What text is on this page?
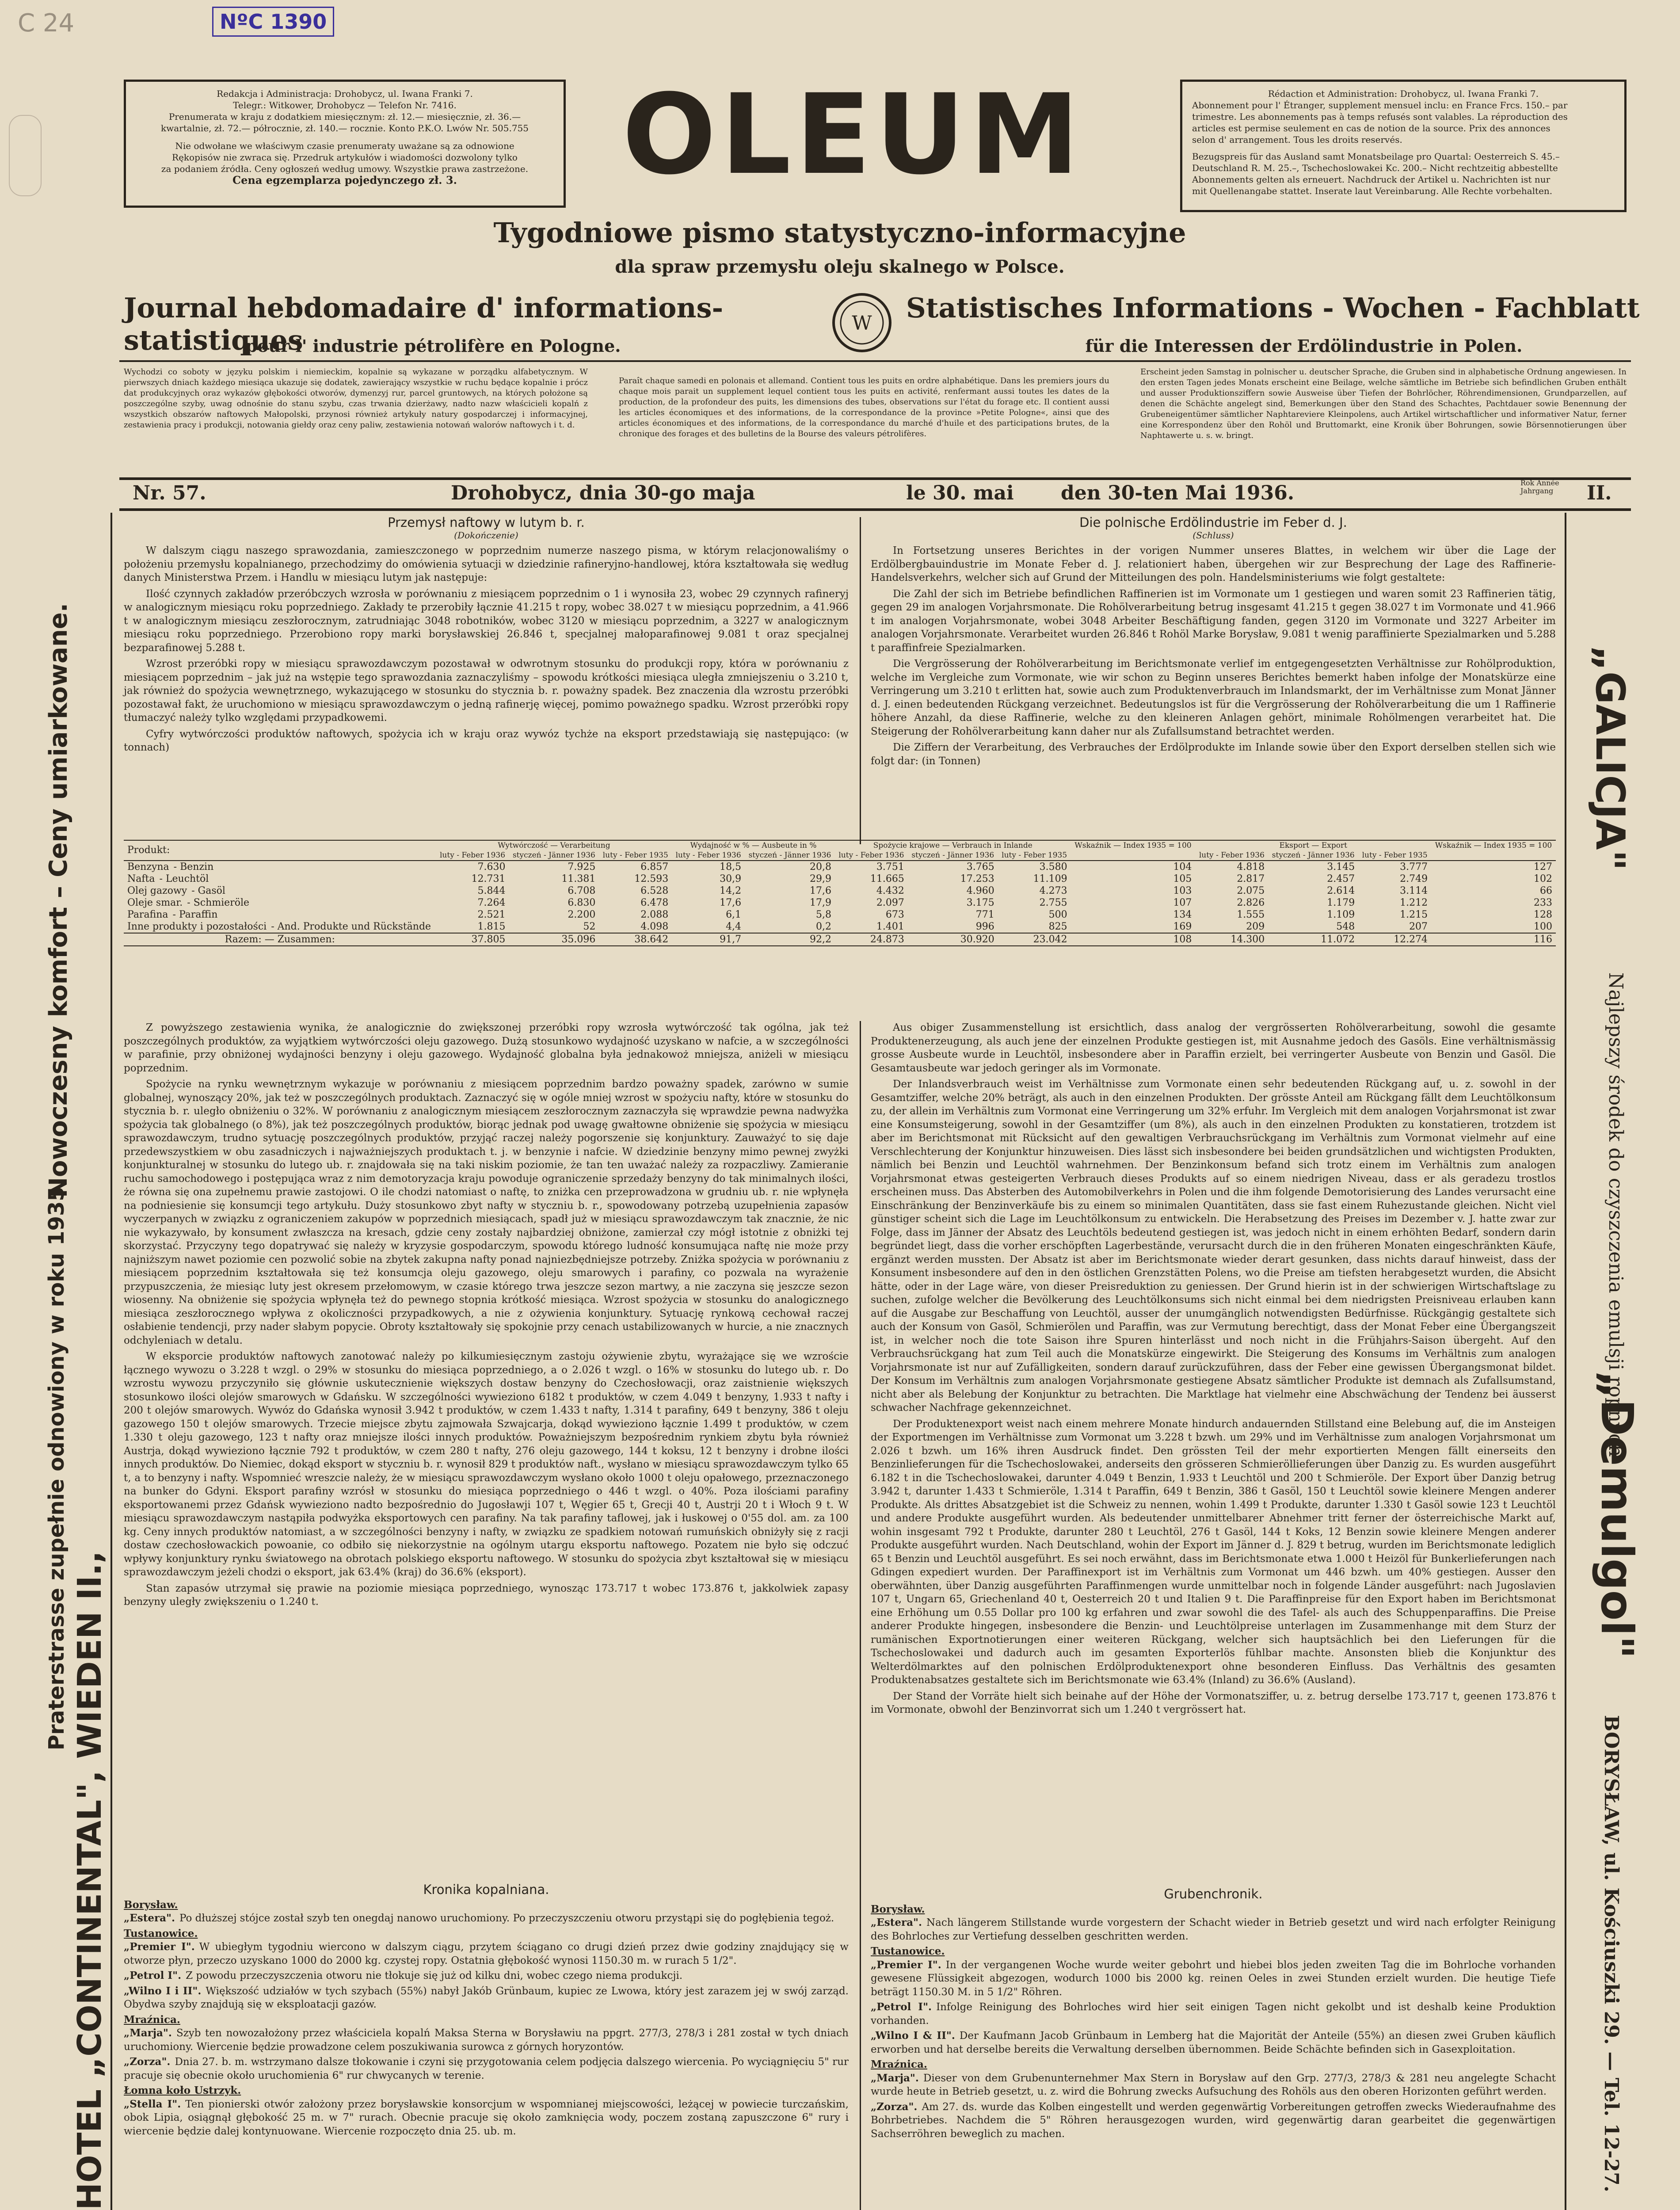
C 24	NºC 1390
Redakcja i Administracja: Drohobycz, ul. Iwana Franki 7.
Telegr.: Witkower, Drohobycz — Telefon Nr. 7416.
Prenumerata w kraju z dodatkiem miesięcznym: zł. 12.— miesięcznie, zł. 36.—
kwartalnie, zł. 72.— półrocznie, zł. 140.— rocznie. Konto P.K.O. Lwów Nr. 505.755
Nie odwołane we właściwym czasie prenumeraty uważane są za odnowione
Rękopisów nie zwraca się. Przedruk artykułów i wiadomości dozwolony tylko
za podaniem źródła. Ceny ogłoszeń według umowy. Wszystkie prawa zastrzeżone.
Cena egzemplarza pojedynczego zł. 3.	OLEUM	Rédaction et Administration: Drohobycz, ul. Iwana Franki 7.
Abonnement pour l' Étranger, supplement mensuel inclu: en France Frcs. 150.– par
trimestre. Les abonnements pas à temps refusés sont valables. La réproduction des
articles est permise seulement en cas de notion de la source. Prix des annonces
selon d' arrangement. Tous les droits reservés.
Bezugspreis für das Ausland samt Monatsbeilage pro Quartal: Oesterreich S. 45.–
Deutschland R. M. 25.–, Tschechoslowakei Kc. 200.– Nicht rechtzeitig abbestellte
Abonnements gelten als erneuert. Nachdruck der Artikel u. Nachrichten ist nur
mit Quellenangabe stattet. Inserate laut Vereinbarung. Alle Rechte vorbehalten.
Tygodniowe pismo statystyczno-informacyjne
dla spraw przemysłu oleju skalnego w Polsce.
Journal hebdomadaire d' informations-statistiques
pour l' industrie pétrolifère en Pologne.
W Statistisches Informations - Wochen - Fachblatt
für die Interessen der Erdölindustrie in Polen.
Wychodzi co soboty w języku polskim i niemieckim, kopalnie są wykazane w porządku alfabetycznym. W pierwszych dniach każdego miesiąca ukazuje się dodatek, zawierający wszystkie w ruchu będące kopalnie i prócz dat produkcyjnych oraz wykazów głębokości otworów, dymenzyj rur, parcel gruntowych, na których położone są poszczególne szyby, uwag odnośnie do stanu szybu, czas trwania dzierżawy, nadto nazw właścicieli kopalń z wszystkich obszarów naftowych Małopolski, przynosi również artykuły natury gospodarczej i informacyjnej, zestawienia pracy i produkcji, notowania giełdy oraz ceny paliw, zestawienia notowań walorów naftowych i t. d.
Paraît chaque samedi en polonais et allemand. Contient tous les puits en ordre alphabétique. Dans les premiers jours du chaque mois parait un supplement lequel contient tous les puits en activité, renfermant aussi toutes les dates de la production, de la profondeur des puits, les dimensions des tubes, observations sur l'état du forage etc. Il contient aussi les articles économiques et des informations, de la correspondance de la province »Petite Pologne«, ainsi que des articles économiques et des informations, de la correspondance du marché d'huile et des participations brutes, de la chronique des forages et des bulletins de la Bourse des valeurs pétrolifères.
Erscheint jeden Samstag in polnischer u. deutscher Sprache, die Gruben sind in alphabetische Ordnung angewiesen. In den ersten Tagen jedes Monats erscheint eine Beilage, welche sämtliche im Betriebe sich befindlichen Gruben enthält und ausser Produktionsziffern sowie Ausweise über Tiefen der Bohrlöcher, Röhrendimensionen, Grundparzellen, auf denen die Schächte angelegt sind, Bemerkungen über den Stand des Schachtes, Pachtdauer sowie Benennung der Grubeneigentümer sämtlicher Naphtareviere Kleinpolens, auch Artikel wirtschaftlicher und informativer Natur, ferner eine Korrespondenz über den Rohöl und Bruttomarkt, eine Kronik über Bohrungen, sowie Börsennotierungen über Naphtawerte u. s. w. bringt.
Nr. 57.	Drohobycz, dnia 30-go maja	le 30. mai den 30-ten Mai 1936.	Rok Année Jahrgang	II.
Nowoczesny komfort – Ceny umiarkowane.
Praterstrasse zupełnie odnowiony w roku 1935
HOTEL „CONTINENTAL", WIEDEN II.,
„GALICJA"
Najlepszy środek do czyszczenia emulsji ropnych
„Demulgol"
BORYSŁAW, ul. Kościuszki 29. — Tel. 12-27.
Przemysł naftowy w lutym b. r.
(Dokończenie)

W dalszym ciągu naszego sprawozdania, zamieszczonego w poprzednim numerze naszego pisma, w którym relacjonowaliśmy o położeniu przemysłu kopalnianego, przechodzimy do omówienia sytuacji w dziedzinie rafineryjno-handlowej, która kształtowała się według danych Ministerstwa Przem. i Handlu w miesiącu lutym jak następuje:

Ilość czynnych zakładów przeróbczych wzrosła w porównaniu z miesiącem poprzednim o 1 i wynosiła 23, wobec 29 czynnych rafineryj w analogicznym miesiącu roku poprzedniego. Zakłady te przerobiły łącznie 41.215 t ropy, wobec 38.027 t w miesiącu poprzednim, a 41.966 t w analogicznym miesiącu zeszłorocznym, zatrudniając 3048 robotników, wobec 3120 w miesiącu poprzednim, a 3227 w analogicznym miesiącu roku poprzedniego. Przerobiono ropy marki borysławskiej 26.846 t, specjalnej małoparafinowej 9.081 t oraz specjalnej bezparafinowej 5.288 t.

Wzrost przeróbki ropy w miesiącu sprawozdawczym pozostawał w odwrotnym stosunku do produkcji ropy, która w porównaniu z miesiącem poprzednim – jak już na wstępie tego sprawozdania zaznaczyliśmy – spowodu krótkości miesiąca uległa zmniejszeniu o 3.210 t, jak również do spożycia wewnętrznego, wykazującego w stosunku do stycznia b. r. poważny spadek. Bez znaczenia dla wzrostu przeróbki pozostawał fakt, że uruchomiono w miesiącu sprawozdawczym o jedną rafinerję więcej, pomimo poważnego spadku. Wzrost przeróbki ropy tłumaczyć należy tylko względami przypadkowemi.

Cyfry wytwórczości produktów naftowych, spożycia ich w kraju oraz wywóz tychże na eksport przedstawiają się następująco: (w tonnach)

Die polnische Erdölindustrie im Feber d. J.
(Schluss)

In Fortsetzung unseres Berichtes in der vorigen Nummer unseres Blattes, in welchem wir über die Lage der Erdölbergbauindustrie im Monate Feber d. J. relationiert haben, übergehen wir zur Besprechung der Lage des Raffinerie-Handelsverkehrs, welcher sich auf Grund der Mitteilungen des poln. Handelsministeriums wie folgt gestaltete:

Die Zahl der sich im Betriebe befindlichen Raffinerien ist im Vormonate um 1 gestiegen und waren somit 23 Raffinerien tätig, gegen 29 im analogen Vorjahrsmonate. Die Rohölverarbeitung betrug insgesamt 41.215 t gegen 38.027 t im Vormonate und 41.966 t im analogen Vorjahrsmonate, wobei 3048 Arbeiter Beschäftigung fanden, gegen 3120 im Vormonate und 3227 Arbeiter im analogen Vorjahrsmonate. Verarbeitet wurden 26.846 t Rohöl Marke Borysław, 9.081 t wenig paraffinierte Spezialmarken und 5.288 t paraffinfreie Spezialmarken.

Die Vergrösserung der Rohölverarbeitung im Berichtsmonate verlief im entgegengesetzten Verhältnisse zur Rohölproduktion, welche im Vergleiche zum Vormonate, wie wir schon zu Beginn unseres Berichtes bemerkt haben infolge der Monatskürze eine Verringerung um 3.210 t erlitten hat, sowie auch zum Produktenverbrauch im Inlandsmarkt, der im Verhältnisse zum Monat Jänner d. J. einen bedeutenden Rückgang verzeichnet. Bedeutungslos ist für die Vergrösserung der Rohölverarbeitung die um 1 Raffinerie höhere Anzahl, da diese Raffinerie, welche zu den kleineren Anlagen gehört, minimale Rohölmengen verarbeitet hat. Die Steigerung der Rohölverarbeitung kann daher nur als Zufallsumstand betrachtet werden.

Die Ziffern der Verarbeitung, des Verbrauches der Erdölprodukte im Inlande sowie über den Export derselben stellen sich wie folgt dar: (in Tonnen)

Produkt:	Wytwórczość — Verarbeitung			Wydajność w % — Ausbeute in %		Spożycie krajowe — Verbrauch in Inlande			Wskaźnik — Index 1935 = 100	Eksport — Export			Wskaźnik — Index 1935 = 100
	luty - Feber 1936	styczeń - Jänner 1936	luty - Feber 1935	luty - Feber 1936	styczeń - Jänner 1936	luty - Feber 1936	styczeń - Jänner 1936	luty - Feber 1935		luty - Feber 1936	styczeń - Jänner 1936	luty - Feber 1935	
Benzyna - Benzin	7.630	7.925	6.857	18,5	20,8	3.751	3.765	3.580	104	4.818	3.145	3.777	127
Nafta - Leuchtöl	12.731	11.381	12.593	30,9	29,9	11.665	17.253	11.109	105	2.817	2.457	2.749	102
Olej gazowy - Gasöl	5.844	6.708	6.528	14,2	17,6	4.432	4.960	4.273	103	2.075	2.614	3.114	66
Oleje smar. - Schmieröle	7.264	6.830	6.478	17,6	17,9	2.097	3.175	2.755	107	2.826	1.179	1.212	233
Parafina - Paraffin	2.521	2.200	2.088	6,1	5,8	673	771	500	134	1.555	1.109	1.215	128
Inne produkty i pozostałości - And. Produkte und Rückstände	1.815	52	4.098	4,4	0,2	1.401	996	825	169	209	548	207	100
Razem: — Zusammen:	37.805	35.096	38.642	91,7	92,2	24.873	30.920	23.042	108	14.300	11.072	12.274	116

Z powyższego zestawienia wynika, że analogicznie do zwiększonej przeróbki ropy wzrosła wytwórczość tak ogólna, jak też poszczególnych produktów, za wyjątkiem wytwórczości oleju gazowego. Dużą stosunkowo wydajność uzyskano w nafcie, a w szczególności w parafinie, przy obniżonej wydajności benzyny i oleju gazowego. Wydajność globalna była jednakowoż mniejsza, aniżeli w miesiącu poprzednim.

Spożycie na rynku wewnętrznym wykazuje w porównaniu z miesiącem poprzednim bardzo poważny spadek, zarówno w sumie globalnej, wynoszący 20%, jak też w poszczególnych produktach. Zaznaczyć się w ogóle mniej wzrost w spożyciu nafty, które w stosunku do stycznia b. r. uległo obniżeniu o 32%. W porównaniu z analogicznym miesiącem zeszłorocznym zaznaczyła się wprawdzie pewna nadwyżka spożycia tak globalnego (o 8%), jak też poszczególnych produktów, biorąc jednak pod uwagę gwałtowne obniżenie się spożycia w miesiącu sprawozdawczym, trudno sytuację poszczególnych produktów, przyjąć raczej należy pogorszenie się konjunktury. Zauważyć to się daje przedewszystkiem w obu zasadniczych i najważniejszych produktach t. j. w benzynie i nafcie. W dziedzinie benzyny mimo pewnej zwyżki konjunkturalnej w stosunku do lutego ub. r. znajdowała się na taki niskim poziomie, że tan ten uważać należy za rozpaczliwy. Zamieranie ruchu samochodowego i postępująca wraz z nim demotoryzacja kraju powoduje ograniczenie sprzedaży benzyny do tak minimalnych ilości, że równa się ona zupełnemu prawie zastojowi. O ile chodzi natomiast o naftę, to zniżka cen przeprowadzona w grudniu ub. r. nie wpłynęła na podniesienie się konsumcji tego artykułu. Duży stosunkowo zbyt nafty w styczniu b. r., spowodowany potrzebą uzupełnienia zapasów wyczerpanych w związku z ograniczeniem zakupów w poprzednich miesiącach, spadł już w miesiącu sprawozdawczym tak znacznie, że nic nie wykazywało, by konsument zwłaszcza na kresach, gdzie ceny zostały najbardziej obniżone, zamierzał czy mógł istotnie z obniżki tej skorzystać. Przyczyny tego dopatrywać się należy w kryzysie gospodarczym, spowodu którego ludność konsumująca naftę nie może przy najniższym nawet poziomie cen pozwolić sobie na zbytek zakupna nafty ponad najniezbędniejsze potrzeby. Zniżka spożycia w porównaniu z miesiącem poprzednim kształtowała się też konsumcja oleju gazowego, oleju smarowych i parafiny, co pozwala na wyrażenie przypuszczenia, że miesiąc luty jest okresem przełomowym, w czasie którego trwa jeszcze sezon martwy, a nie zaczyna się jeszcze sezon wiosenny. Na obniżenie się spożycia wpłynęła też do pewnego stopnia krótkość miesiąca. Wzrost spożycia w stosunku do analogicznego miesiąca zeszłorocznego wpływa z okoliczności przypadkowych, a nie z ożywienia konjunktury. Sytuację rynkową cechował raczej osłabienie tendencji, przy nader słabym popycie. Obroty kształtowały się spokojnie przy cenach ustabilizowanych w hurcie, a nie znacznych odchyleniach w detalu.

W eksporcie produktów naftowych zanotować należy po kilkumiesięcznym zastoju ożywienie zbytu, wyrażające się we wzroście łącznego wywozu o 3.228 t wzgl. o 29% w stosunku do miesiąca poprzedniego, a o 2.026 t wzgl. o 16% w stosunku do lutego ub. r. Do wzrostu wywozu przyczyniło się głównie uskutecznienie większych dostaw benzyny do Czechosłowacji, oraz zaistnienie większych stosunkowo ilości olejów smarowych w Gdańsku. W szczególności wywieziono 6182 t produktów, w czem 4.049 t benzyny, 1.933 t nafty i 200 t olejów smarowych. Wywóz do Gdańska wynosił 3.942 t produktów, w czem 1.433 t nafty, 1.314 t parafiny, 649 t benzyny, 386 t oleju gazowego 150 t olejów smarowych. Trzecie miejsce zbytu zajmowała Szwajcarja, dokąd wywieziono łącznie 1.499 t produktów, w czem 1.330 t oleju gazowego, 123 t nafty oraz mniejsze ilości innych produktów. Poważniejszym bezpośrednim rynkiem zbytu była również Austrja, dokąd wywieziono łącznie 792 t produktów, w czem 280 t nafty, 276 oleju gazowego, 144 t koksu, 12 t benzyny i drobne ilości innych produktów. Do Niemiec, dokąd eksport w styczniu b. r. wynosił 829 t produktów naft., wysłano w miesiącu sprawozdawczym tylko 65 t, a to benzyny i nafty. Wspomnieć wreszcie należy, że w miesiącu sprawozdawczym wysłano około 1000 t oleju opałowego, przeznaczonego na bunker do Gdyni. Eksport parafiny wzrósł w stosunku do miesiąca poprzedniego o 446 t wzgl. o 40%. Poza ilościami parafiny eksportowanemi przez Gdańsk wywieziono nadto bezpośrednio do Jugosławji 107 t, Węgier 65 t, Grecji 40 t, Austrji 20 t i Włoch 9 t. W miesiącu sprawozdawczym nastąpiła podwyżka eksportowych cen parafiny. Na tak parafiny taflowej, jak i łuskowej o 0'55 dol. am. za 100 kg. Ceny innych produktów natomiast, a w szczególności benzyny i nafty, w związku ze spadkiem notowań rumuńskich obniżyły się z racji dostaw czechosłowackich powoanie, co odbiło się niekorzystnie na ogólnym utargu eksportu naftowego. Pozatem nie było się odczuć wpływy konjunktury rynku światowego na obrotach polskiego eksportu naftowego. W stosunku do spożycia zbyt kształtował się w miesiącu sprawozdawczym jeżeli chodzi o eksport, jak 63.4% (kraj) do 36.6% (eksport).

Stan zapasów utrzymał się prawie na poziomie miesiąca poprzedniego, wynosząc 173.717 t wobec 173.876 t, jakkolwiek zapasy benzyny uległy zwiększeniu o 1.240 t.

Aus obiger Zusammenstellung ist ersichtlich, dass analog der vergrösserten Rohölverarbeitung, sowohl die gesamte Produktenerzeugung, als auch jene der einzelnen Produkte gestiegen ist, mit Ausnahme jedoch des Gasöls. Eine verhältnismässig grosse Ausbeute wurde in Leuchtöl, insbesondere aber in Paraffin erzielt, bei verringerter Ausbeute von Benzin und Gasöl. Die Gesamtausbeute war jedoch geringer als im Vormonate.

Der Inlandsverbrauch weist im Verhältnisse zum Vormonate einen sehr bedeutenden Rückgang auf, u. z. sowohl in der Gesamtziffer, welche 20% beträgt, als auch in den einzelnen Produkten. Der grösste Anteil am Rückgang fällt dem Leuchtölkonsum zu, der allein im Verhältnis zum Vormonat eine Verringerung um 32% erfuhr. Im Vergleich mit dem analogen Vorjahrsmonat ist zwar eine Konsumsteigerung, sowohl in der Gesamtziffer (um 8%), als auch in den einzelnen Produkten zu konstatieren, trotzdem ist aber im Berichtsmonat mit Rücksicht auf den gewaltigen Verbrauchsrückgang im Verhältnis zum Vormonat vielmehr auf eine Verschlechterung der Konjunktur hinzuweisen. Dies lässt sich insbesondere bei beiden grundsätzlichen und wichtigsten Produkten, nämlich bei Benzin und Leuchtöl wahrnehmen. Der Benzinkonsum befand sich trotz einem im Verhältnis zum analogen Vorjahrsmonat etwas gesteigerten Verbrauch dieses Produkts auf so einem niedrigen Niveau, dass er als geradezu trostlos erscheinen muss. Das Absterben des Automobilverkehrs in Polen und die ihm folgende Demotorisierung des Landes verursacht eine Einschränkung der Benzinverkäufe bis zu einem so minimalen Quantitäten, dass sie fast einem Ruhezustande gleichen. Nicht viel günstiger scheint sich die Lage im Leuchtölkonsum zu entwickeln. Die Herabsetzung des Preises im Dezember v. J. hatte zwar zur Folge, dass im Jänner der Absatz des Leuchtöls bedeutend gestiegen ist, was jedoch nicht in einem erhöhten Bedarf, sondern darin begründet liegt, dass die vorher erschöpften Lagerbestände, verursacht durch die in den früheren Monaten eingeschränkten Käufe, ergänzt werden mussten. Der Absatz ist aber im Berichtsmonate wieder derart gesunken, dass nichts darauf hinweist, dass der Konsument insbesondere auf den in den östlichen Grenzstätten Polens, wo die Preise am tiefsten herabgesetzt wurden, die Absicht hätte, oder in der Lage wäre, von dieser Preisreduktion zu geniessen. Der Grund hierin ist in der schwierigen Wirtschaftslage zu suchen, zufolge welcher die Bevölkerung des Leuchtölkonsums sich nicht einmal bei dem niedrigsten Preisniveau erlauben kann auf die Ausgabe zur Beschaffung von Leuchtöl, ausser der unumgänglich notwendigsten Bedürfnisse. Rückgängig gestaltete sich auch der Konsum von Gasöl, Schmierölen und Paraffin, was zur Vermutung berechtigt, dass der Monat Feber eine Übergangszeit ist, in welcher noch die tote Saison ihre Spuren hinterlässt und noch nicht in die Frühjahrs-Saison übergeht. Auf den Verbrauchsrückgang hat zum Teil auch die Monatskürze eingewirkt. Die Steigerung des Konsums im Verhältnis zum analogen Vorjahrsmonate ist nur auf Zufälligkeiten, sondern darauf zurückzuführen, dass der Feber eine gewissen Übergangsmonat bildet. Der Konsum im Verhältnis zum analogen Vorjahrsmonate gestiegene Absatz sämtlicher Produkte ist demnach als Zufallsumstand, nicht aber als Belebung der Konjunktur zu betrachten. Die Marktlage hat vielmehr eine Abschwächung der Tendenz bei äusserst schwacher Nachfrage gekennzeichnet.

Der Produktenexport weist nach einem mehrere Monate hindurch andauernden Stillstand eine Belebung auf, die im Ansteigen der Exportmengen im Verhältnisse zum Vormonat um 3.228 t bzwh. um 29% und im Verhältnisse zum analogen Vorjahrsmonat um 2.026 t bzwh. um 16% ihren Ausdruck findet. Den grössten Teil der mehr exportierten Mengen fällt einerseits den Benzinlieferungen für die Tschechoslowakei, anderseits den grösseren Schmieröllieferungen über Danzig zu. Es wurden ausgeführt 6.182 t in die Tschechoslowakei, darunter 4.049 t Benzin, 1.933 t Leuchtöl und 200 t Schmieröle. Der Export über Danzig betrug 3.942 t, darunter 1.433 t Schmieröle, 1.314 t Paraffin, 649 t Benzin, 386 t Gasöl, 150 t Leuchtöl sowie kleinere Mengen anderer Produkte. Als drittes Absatzgebiet ist die Schweiz zu nennen, wohin 1.499 t Produkte, darunter 1.330 t Gasöl sowie 123 t Leuchtöl und andere Produkte ausgeführt wurden. Als bedeutender unmittelbarer Abnehmer tritt ferner der österreichische Markt auf, wohin insgesamt 792 t Produkte, darunter 280 t Leuchtöl, 276 t Gasöl, 144 t Koks, 12 Benzin sowie kleinere Mengen anderer Produkte ausgeführt wurden. Nach Deutschland, wohin der Export im Jänner d. J. 829 t betrug, wurden im Berichtsmonate lediglich 65 t Benzin und Leuchtöl ausgeführt. Es sei noch erwähnt, dass im Berichtsmonate etwa 1.000 t Heizöl für Bunkerlieferungen nach Gdingen expediert wurden. Der Paraffinexport ist im Verhältnis zum Vormonat um 446 bzwh. um 40% gestiegen. Ausser den oberwähnten, über Danzig ausgeführten Paraffinmengen wurde unmittelbar noch in folgende Länder ausgeführt: nach Jugoslavien 107 t, Ungarn 65, Griechenland 40 t, Oesterreich 20 t und Italien 9 t. Die Paraffinpreise für den Export haben im Berichtsmonat eine Erhöhung um 0.55 Dollar pro 100 kg erfahren und zwar sowohl die des Tafel- als auch des Schuppenparaffins. Die Preise anderer Produkte hingegen, insbesondere die Benzin- und Leuchtölpreise unterlagen im Zusammenhange mit dem Sturz der rumänischen Exportnotierungen einer weiteren Rückgang, welcher sich hauptsächlich bei den Lieferungen für die Tschechoslowakei und dadurch auch im gesamten Exporterlös fühlbar machte. Ansonsten blieb die Konjunktur des Welterdölmarktes auf den polnischen Erdölproduktenexport ohne besonderen Einfluss. Das Verhältnis des gesamten Produktenabsatzes gestaltete sich im Berichtsmonate wie 63.4% (Inland) zu 36.6% (Ausland).

Der Stand der Vorräte hielt sich beinahe auf der Höhe der Vormonatsziffer, u. z. betrug derselbe 173.717 t, geenen 173.876 t im Vormonate, obwohl der Benzinvorrat sich um 1.240 t vergrössert hat.

Kronika kopalniana.
Borysław.
„Estera". Po dłuższej stójce został szyb ten onegdaj nanowo uruchomiony. Po przeczyszczeniu otworu przystąpi się do pogłębienia tegoż.
Tustanowice.
„Premier I". W ubiegłym tygodniu wiercono w dalszym ciągu, przytem ściągano co drugi dzień przez dwie godziny znajdujący się w otworze płyn, przeczo uzyskano 1000 do 2000 kg. czystej ropy. Ostatnia głębokość wynosi 1150.30 m. w rurach 5 1/2".
„Petrol I". Z powodu przeczyszczenia otworu nie tłokuje się już od kilku dni, wobec czego niema produkcji.
„Wilno I i II". Większość udziałów w tych szybach (55%) nabył Jakób Grünbaum, kupiec ze Lwowa, który jest zarazem jej w swój zarząd. Obydwa szyby znajdują się w eksploatacji gazów.
Mraźnica.
„Marja". Szyb ten nowozałożony przez właściciela kopalń Maksa Sterna w Borysławiu na ppgrt. 277/3, 278/3 i 281 został w tych dniach uruchomiony. Wiercenie będzie prowadzone celem poszukiwania surowca z górnych horyzontów.
„Zorza". Dnia 27. b. m. wstrzymano dalsze tłokowanie i czyni się przygotowania celem podjęcia dalszego wiercenia. Po wyciągnięciu 5" rur pracuje się obecnie około uruchomienia 6" rur chwycanych w terenie.
Łomna koło Ustrzyk.
„Stella I". Ten pionierski otwór założony przez borysławskie konsorcjum w wspomnianej miejscowości, leżącej w powiecie turczańskim, obok Lipia, osiągnął głębokość 25 m. w 7" rurach. Obecnie pracuje się około zamknięcia wody, poczem zostaną zapuszczone 6" rury i wiercenie będzie dalej kontynuowane. Wiercenie rozpoczęto dnia 25. ub. m.
Grubenchronik.
Borysław.
„Estera". Nach längerem Stillstande wurde vorgestern der Schacht wieder in Betrieb gesetzt und wird nach erfolgter Reinigung des Bohrloches zur Vertiefung desselben geschritten werden.
Tustanowice.
„Premier I". In der vergangenen Woche wurde weiter gebohrt und hiebei blos jeden zweiten Tag die im Bohrloche vorhanden gewesene Flüssigkeit abgezogen, wodurch 1000 bis 2000 kg. reinen Oeles in zwei Stunden erzielt wurden. Die heutige Tiefe beträgt 1150.30 M. in 5 1/2" Röhren.
„Petrol I". Infolge Reinigung des Bohrloches wird hier seit einigen Tagen nicht gekolbt und ist deshalb keine Produktion vorhanden.
„Wilno I & II". Der Kaufmann Jacob Grünbaum in Lemberg hat die Majorität der Anteile (55%) an diesen zwei Gruben käuflich erworben und hat derselbe bereits die Verwaltung derselben übernommen. Beide Schächte befinden sich in Gasexploitation.
Mraźnica.
„Marja". Dieser von dem Grubenunternehmer Max Stern in Borysław auf den Grp. 277/3, 278/3 & 281 neu angelegte Schacht wurde heute in Betrieb gesetzt, u. z. wird die Bohrung zwecks Aufsuchung des Rohöls aus den oberen Horizonten geführt werden.
„Zorza". Am 27. ds. wurde das Kolben eingestellt und werden gegenwärtig Vorbereitungen getroffen zwecks Wiederaufnahme des Bohrbetriebes. Nachdem die 5" Röhren herausgezogen wurden, wird gegenwärtig daran gearbeitet die gegenwärtigen Sachserröhren beweglich zu machen.
